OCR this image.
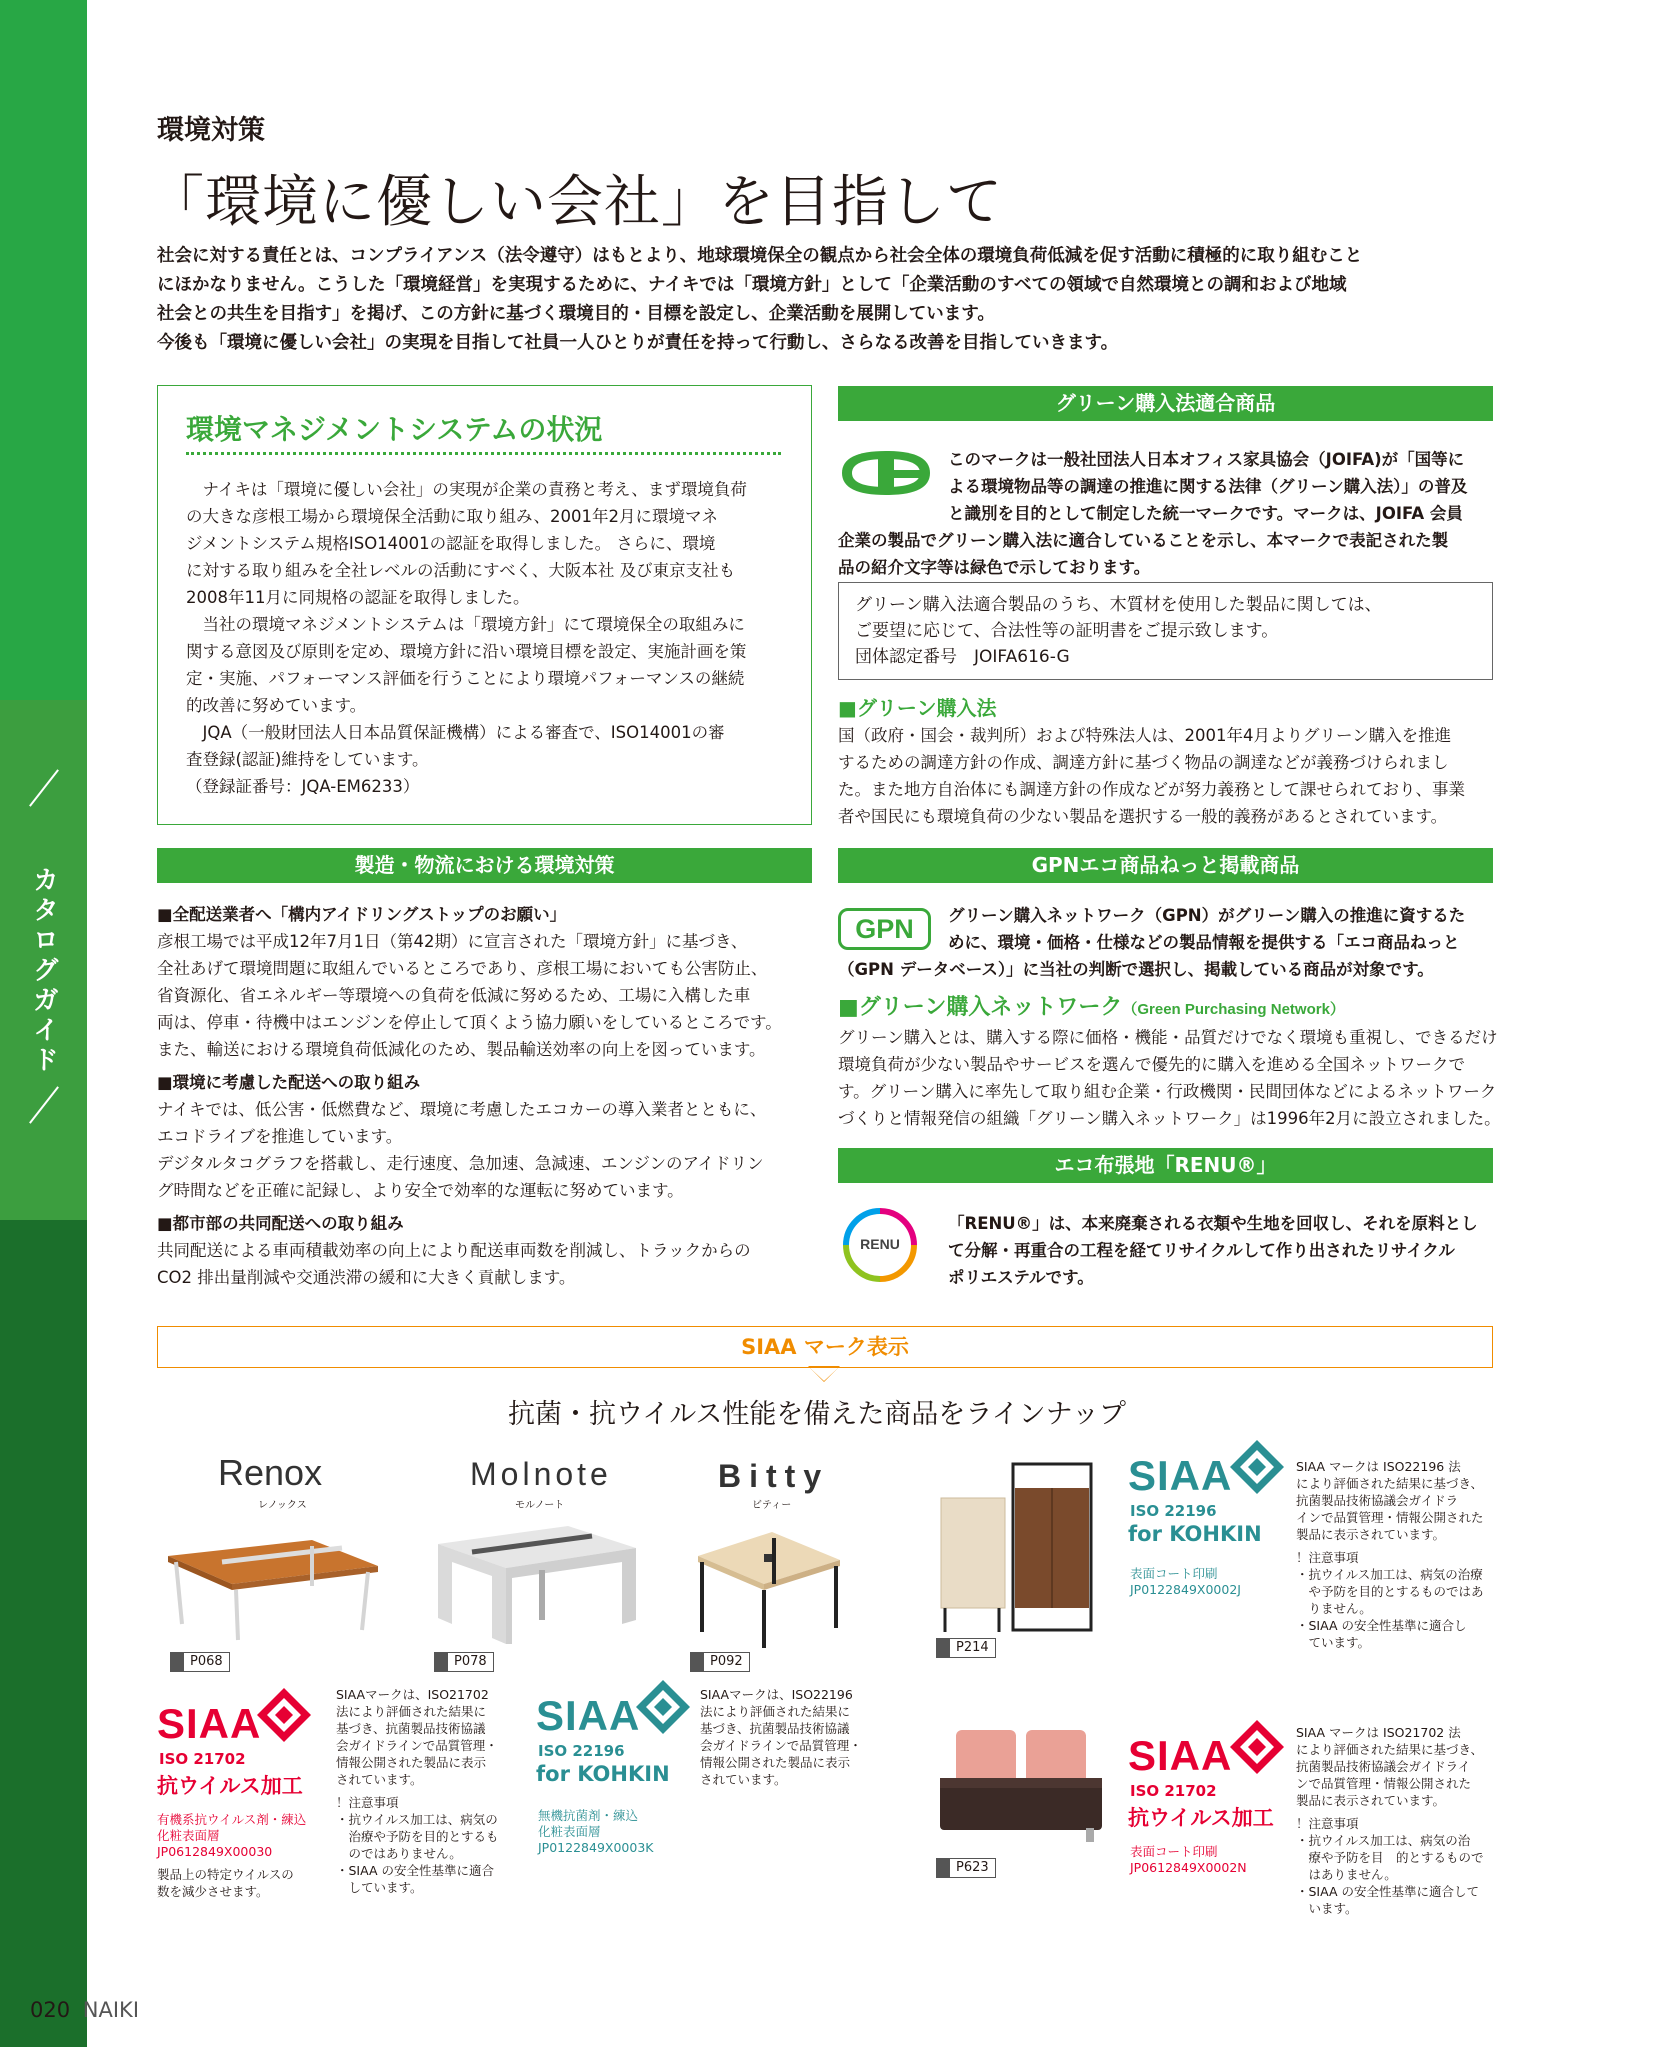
カタログガイド
環境対策
「環境に優しい会社」を目指して
社会に対する責任とは、コンプライアンス（法令遵守）はもとより、地球環境保全の観点から社会全体の環境負荷低減を促す活動に積極的に取り組むこと
にほかなりません。こうした「環境経営」を実現するために、ナイキでは「環境方針」として「企業活動のすべての領域で自然環境との調和および地域
社会との共生を目指す」を掲げ、この方針に基づく環境目的・目標を設定し、企業活動を展開しています。
今後も「環境に優しい会社」の実現を目指して社員一人ひとりが責任を持って行動し、さらなる改善を目指していきます。
環境マネジメントシステムの状況
　ナイキは「環境に優しい会社」の実現が企業の責務と考え、まず環境負荷
の大きな彦根工場から環境保全活動に取り組み、2001年2月に環境マネ
ジメントシステム規格ISO14001の認証を取得しました。 さらに、環境
に対する取り組みを全社レベルの活動にすべく、大阪本社 及び東京支社も
2008年11月に同規格の認証を取得しました。
　当社の環境マネジメントシステムは「環境方針」にて環境保全の取組みに
関する意図及び原則を定め、環境方針に沿い環境目標を設定、実施計画を策
定・実施、パフォーマンス評価を行うことにより環境パフォーマンスの継続
的改善に努めています。
　JQA（一般財団法人日本品質保証機構）による審査で、ISO14001の審
査登録(認証)維持をしています。
（登録証番号：JQA-EM6233）
グリーン購入法適合商品
このマークは一般社団法人日本オフィス家具協会（JOIFA)が「国等に
よる環境物品等の調達の推進に関する法律（グリーン購入法）」の普及
と識別を目的として制定した統一マークです。マークは、JOIFA 会員
企業の製品でグリーン購入法に適合していることを示し、本マークで表記された製
品の紹介文字等は緑色で示しております。
グリーン購入法適合製品のうち、木質材を使用した製品に関しては、
ご要望に応じて、合法性等の証明書をご提示致します。
団体認定番号　JOIFA616-G
■グリーン購入法
国（政府・国会・裁判所）および特殊法人は、2001年4月よりグリーン購入を推進
するための調達方針の作成、調達方針に基づく物品の調達などが義務づけられまし
た。また地方自治体にも調達方針の作成などが努力義務として課せられており、事業
者や国民にも環境負荷の少ない製品を選択する一般的義務があるとされています。
製造・物流における環境対策
■全配送業者へ「構内アイドリングストップのお願い」
彦根工場では平成12年7月1日（第42期）に宣言された「環境方針」に基づき、
全社あげて環境問題に取組んでいるところであり、彦根工場においても公害防止、
省資源化、省エネルギー等環境への負荷を低減に努めるため、工場に入構した車
両は、停車・待機中はエンジンを停止して頂くよう協力願いをしているところです。
また、輸送における環境負荷低減化のため、製品輸送効率の向上を図っています。
■環境に考慮した配送への取り組み
ナイキでは、低公害・低燃費など、環境に考慮したエコカーの導入業者とともに、
エコドライブを推進しています。
デジタルタコグラフを搭載し、走行速度、急加速、急減速、エンジンのアイドリン
グ時間などを正確に記録し、より安全で効率的な運転に努めています。
■都市部の共同配送への取り組み
共同配送による車両積載効率の向上により配送車両数を削減し、トラックからの
CO2 排出量削減や交通渋滞の緩和に大きく貢献します。
GPNエコ商品ねっと掲載商品
GPN	グリーン購入ネットワーク（GPN）がグリーン購入の推進に資するた
めに、環境・価格・仕様などの製品情報を提供する「エコ商品ねっと
（GPN データベース）」に当社の判断で選択し、掲載している商品が対象です。
■グリーン購入ネットワーク（Green Purchasing Network）
グリーン購入とは、購入する際に価格・機能・品質だけでなく環境も重視し、できるだけ
環境負荷が少ない製品やサービスを選んで優先的に購入を進める全国ネットワークで
す。グリーン購入に率先して取り組む企業・行政機関・民間団体などによるネットワーク
づくりと情報発信の組織「グリーン購入ネットワーク」は1996年2月に設立されました。
エコ布張地「RENU®」
RENU
「RENU®」は、本来廃棄される衣類や生地を回収し、それを原料とし
て分解・再重合の工程を経てリサイクルして作り出されたリサイクル
ポリエステルです。
SIAA マーク表示
抗菌・抗ウイルス性能を備えた商品をラインナップ
Renox
レノックス
Molnote
モルノート
Bitty
ビティー
P068	P078	P092
SIAA
ISO 21702
抗ウイルス加工
有機系抗ウイルス剤・練込
化粧表面層
JP0612849X00030
製品上の特定ウイルスの
数を減少させます。
SIAAマークは、ISO21702
法により評価された結果に
基づき、抗菌製品技術協議
会ガイドラインで品質管理・
情報公開された製品に表示
されています。
！注意事項
・抗ウイルス加工は、病気の
　治療や予防を目的とするも
　のではありません。
・SIAA の安全性基準に適合
　しています。
SIAA
ISO 22196
for KOHKIN
無機抗菌剤・練込
化粧表面層
JP0122849X0003K
SIAAマークは、ISO22196
法により評価された結果に
基づき、抗菌製品技術協議
会ガイドラインで品質管理・
情報公開された製品に表示
されています。
P214
SIAA
ISO 22196
for KOHKIN
表面コート印刷
JP0122849X0002J
SIAA マークは ISO22196 法
により評価された結果に基づき、
抗菌製品技術協議会ガイドラ
インで品質管理・情報公開された
製品に表示されています。
！注意事項
・抗ウイルス加工は、病気の治療
　や予防を目的とするものではあ
　りません。
・SIAA の安全性基準に適合し
　ています。
P623
SIAA
ISO 21702
抗ウイルス加工
表面コート印刷
JP0612849X0002N
SIAA マークは ISO21702 法
により評価された結果に基づき、
抗菌製品技術協議会ガイドライ
ンで品質管理・情報公開された
製品に表示されています。
！注意事項
・抗ウイルス加工は、病気の治
　療や予防を目　的とするもので
　はありません。
・SIAA の安全性基準に適合して
　います。
020 NAIKI
